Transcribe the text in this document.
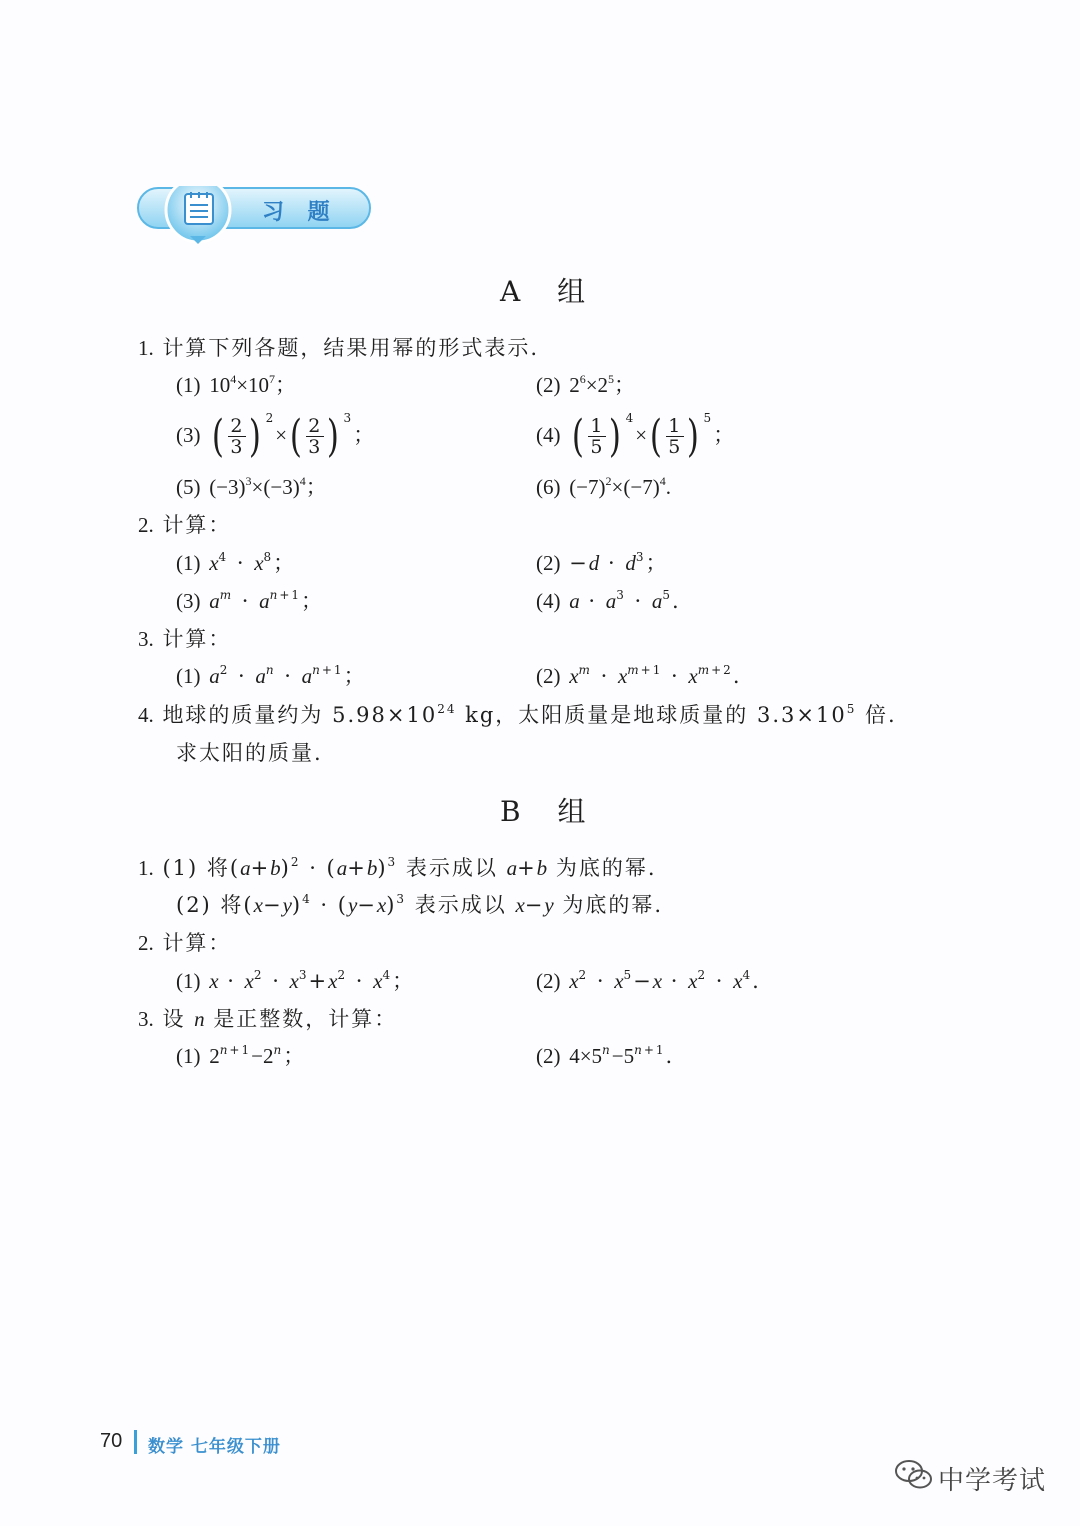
习 题
A 组
1. 计算下列各题，结果用幂的形式表示.
(1) $10^4\times 10^7$；	(2) $2^6\times 2^5$；
(3) ( $\frac{2}{3}$ ) $^2\times( \frac{2}{3}$ ) $^3$；	(4) ( $\frac{1}{5}$ ) $^4\times( \frac{1}{5}$ ) $^5$；
(5) $(-3)^3\times(-3)^4$；	(6) $(-7)^2\times(-7)^4$.
2. 计算：
(1) $x^4 \cdot x^8$；	$(2) -d \cdot d^3$；
(3) $a^m \cdot a^{n+1}$；	(4) $a \cdot a^3 \cdot a^5$.
3. 计算：
(1) $a^2 \cdot a^n \cdot a^{n+1}$；	(2) $x^m \cdot x^{m+1} \cdot x^{m+2}$.
4. 地球的质量约为 $5.98\times 10^{24}$ kg，太阳质量是地球质量的 $3.3\times 10^5$ 倍.
求太阳的质量.
B 组
1. (1) 将$(a+b)^2 \cdot (a+b)^3$ 表示成以 a+b 为底的幂.
(2) 将$(x-y)^4 \cdot (y-x)^3$ 表示成以 x−y 为底的幂.
2. 计算：
(1) $x \cdot x^2 \cdot x^3+x^2 \cdot x^4$；	(2) $x^2 \cdot x^5-x \cdot x^2 \cdot x^4$.
3. 设 n 是正整数，计算：
(1) $2^{n+1}-2^n$；	(2) $4\times 5^n-5^{n+1}$.
70 数学 七年级下册
中学考试
